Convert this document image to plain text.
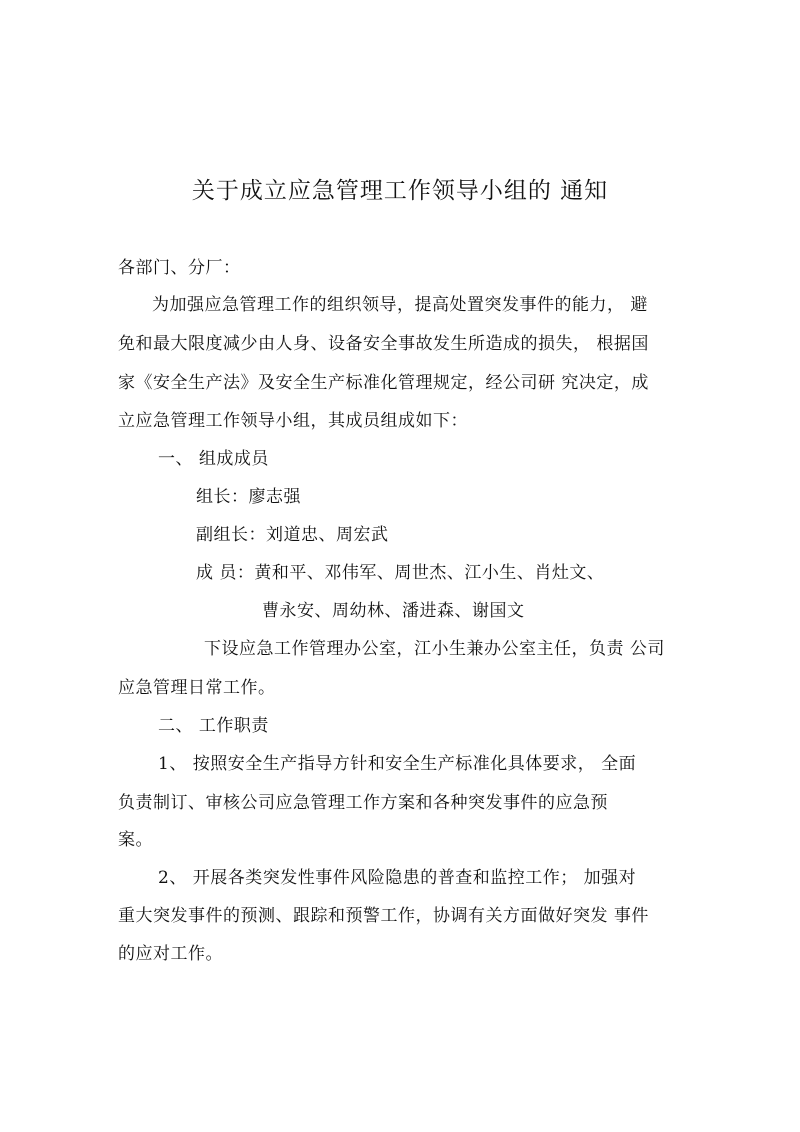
关于成立应急管理工作领导小组的 通知
各部门、分厂：
为加强应急管理工作的组织领导，提高处置突发事件的能力， 避
免和最大限度减少由人身、设备安全事故发生所造成的损失， 根据国
家《安全生产法》及安全生产标准化管理规定，经公司研 究决定，成
立应急管理工作领导小组，其成员组成如下：
一、 组成成员
组长：廖志强
副组长：刘道忠、周宏武
成 员：黄和平、邓伟军、周世杰、江小生、肖灶文、
曹永安、周幼林、潘进森、谢国文
下设应急工作管理办公室，江小生兼办公室主任，负责 公司
应急管理日常工作。
二、 工作职责
1、 按照安全生产指导方针和安全生产标准化具体要求， 全面
负责制订、审核公司应急管理工作方案和各种突发事件的应急预
案。
2、 开展各类突发性事件风险隐患的普查和监控工作； 加强对
重大突发事件的预测、跟踪和预警工作，协调有关方面做好突发 事件
的应对工作。
